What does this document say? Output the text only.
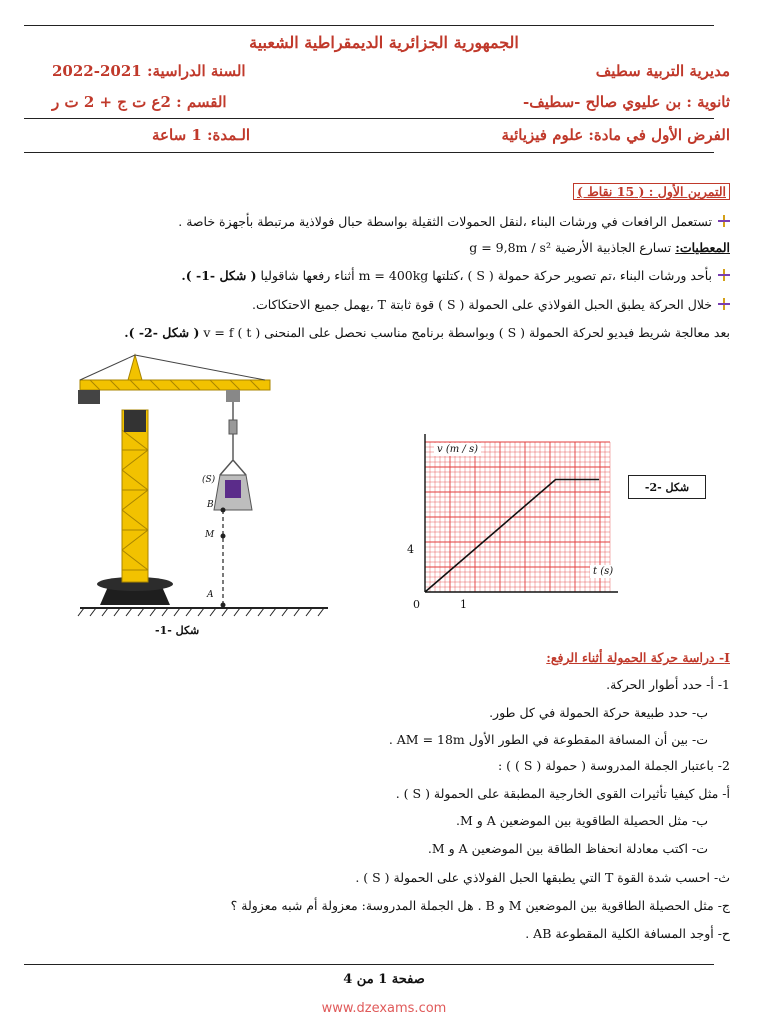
الجمهورية الجزائرية الديمقراطية الشعبية
مديرية التربية سطيف
السنة الدراسية: 2021-2022
ثانوية : بن عليوي صالح -سطيف-
القسم : 2ع ت ج + 2 ت ر
الفرض الأول في مادة: علوم فيزيائية
الـمدة: 1 ساعة
التمرين الأول : ( 15 نقاط )
تستعمل الرافعات في ورشات البناء ،لنقل الحمولات الثقيلة بواسطة حبال فولاذية مرتبطة بأجهزة خاصة .
المعطيات: تسارع الجاذبية الأرضية g = 9,8m / s²
بأحد ورشات البناء ،تم تصوير حركة حمولة ( S ) ،كتلتها m = 400kg أثناء رفعها شاقوليا ( شكل -1- ).
خلال الحركة يطبق الحبل الفولاذي على الحمولة ( S ) قوة ثابتة T ،يهمل جميع الاحتكاكات.
بعد معالجة شريط فيديو لحركة الحمولة ( S ) وبواسطة برنامج مناسب نحصل على المنحنى v = f ( t ) ( شكل -2- ).
(S)
B
M
A
شكل -1-
v (m / s)
t (s)
4
1
0
شكل -2-
I- دراسة حركة الحمولة أثناء الرفع:
1- أ- حدد أطوار الحركة.
ب- حدد طبيعة حركة الحمولة في كل طور.
ت- بين أن المسافة المقطوعة في الطور الأول AM = 18m .
2- باعتبار الجملة المدروسة ( حمولة ( S ) ) :
أ- مثل كيفيا تأثيرات القوى الخارجية المطبقة على الحمولة ( S ) .
ب- مثل الحصيلة الطاقوية بين الموضعين A و M.
ت- اكتب معادلة انحفاظ الطاقة بين الموضعين A و M.
ث- احسب شدة القوة T التي يطبقها الحبل الفولاذي على الحمولة ( S ) .
ج- مثل الحصيلة الطاقوية بين الموضعين M و B . هل الجملة المدروسة: معزولة أم شبه معزولة ؟
ح- أوجد المسافة الكلية المقطوعة AB .
صفحة 1 من 4
www.dzexams.com
